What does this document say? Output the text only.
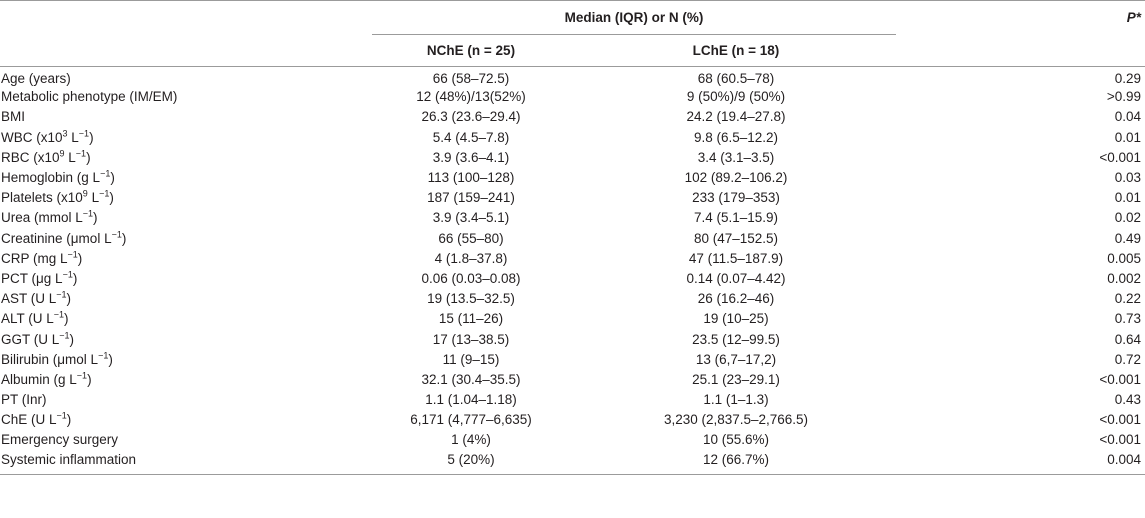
	Median (IQR) or N (%)				P*
	NChE (n = 25)		LChE (n = 18)		
Age (years)	66 (58–72.5)		68 (60.5–78)		0.29
Metabolic phenotype (IM/EM)	12 (48%)/13(52%)		9 (50%)/9 (50%)		>0.99
BMI	26.3 (23.6–29.4)		24.2 (19.4–27.8)		0.04
WBC ($x10^3$ $L^{-1}$)	5.4 (4.5–7.8)		9.8 (6.5–12.2)		0.01
RBC ($x10^9$ $L^{-1}$)	3.9 (3.6–4.1)		3.4 (3.1–3.5)		<0.001
Hemoglobin (g $L^{-1}$)	113 (100–128)		102 (89.2–106.2)		0.03
Platelets ($x10^9$ $L^{-1}$)	187 (159–241)		233 (179–353)		0.01
Urea (mmol $L^{-1}$)	3.9 (3.4–5.1)		7.4 (5.1–15.9)		0.02
Creatinine (μmol $L^{-1}$)	66 (55–80)		80 (47–152.5)		0.49
CRP (mg $L^{-1}$)	4 (1.8–37.8)		47 (11.5–187.9)		0.005
PCT (μg $L^{-1}$)	0.06 (0.03–0.08)		0.14 (0.07–4.42)		0.002
AST (U $L^{-1}$)	19 (13.5–32.5)		26 (16.2–46)		0.22
ALT (U $L^{-1}$)	15 (11–26)		19 (10–25)		0.73
GGT (U $L^{-1}$)	17 (13–38.5)		23.5 (12–99.5)		0.64
Bilirubin (μmol $L^{-1}$)	11 (9–15)		13 (6,7–17,2)		0.72
Albumin (g $L^{-1}$)	32.1 (30.4–35.5)		25.1 (23–29.1)		<0.001
PT (Inr)	1.1 (1.04–1.18)		1.1 (1–1.3)		0.43
ChE (U $L^{-1}$)	6,171 (4,777–6,635)		3,230 (2,837.5–2,766.5)		<0.001
Emergency surgery	1 (4%)		10 (55.6%)		<0.001
Systemic inflammation	5 (20%)		12 (66.7%)		0.004
